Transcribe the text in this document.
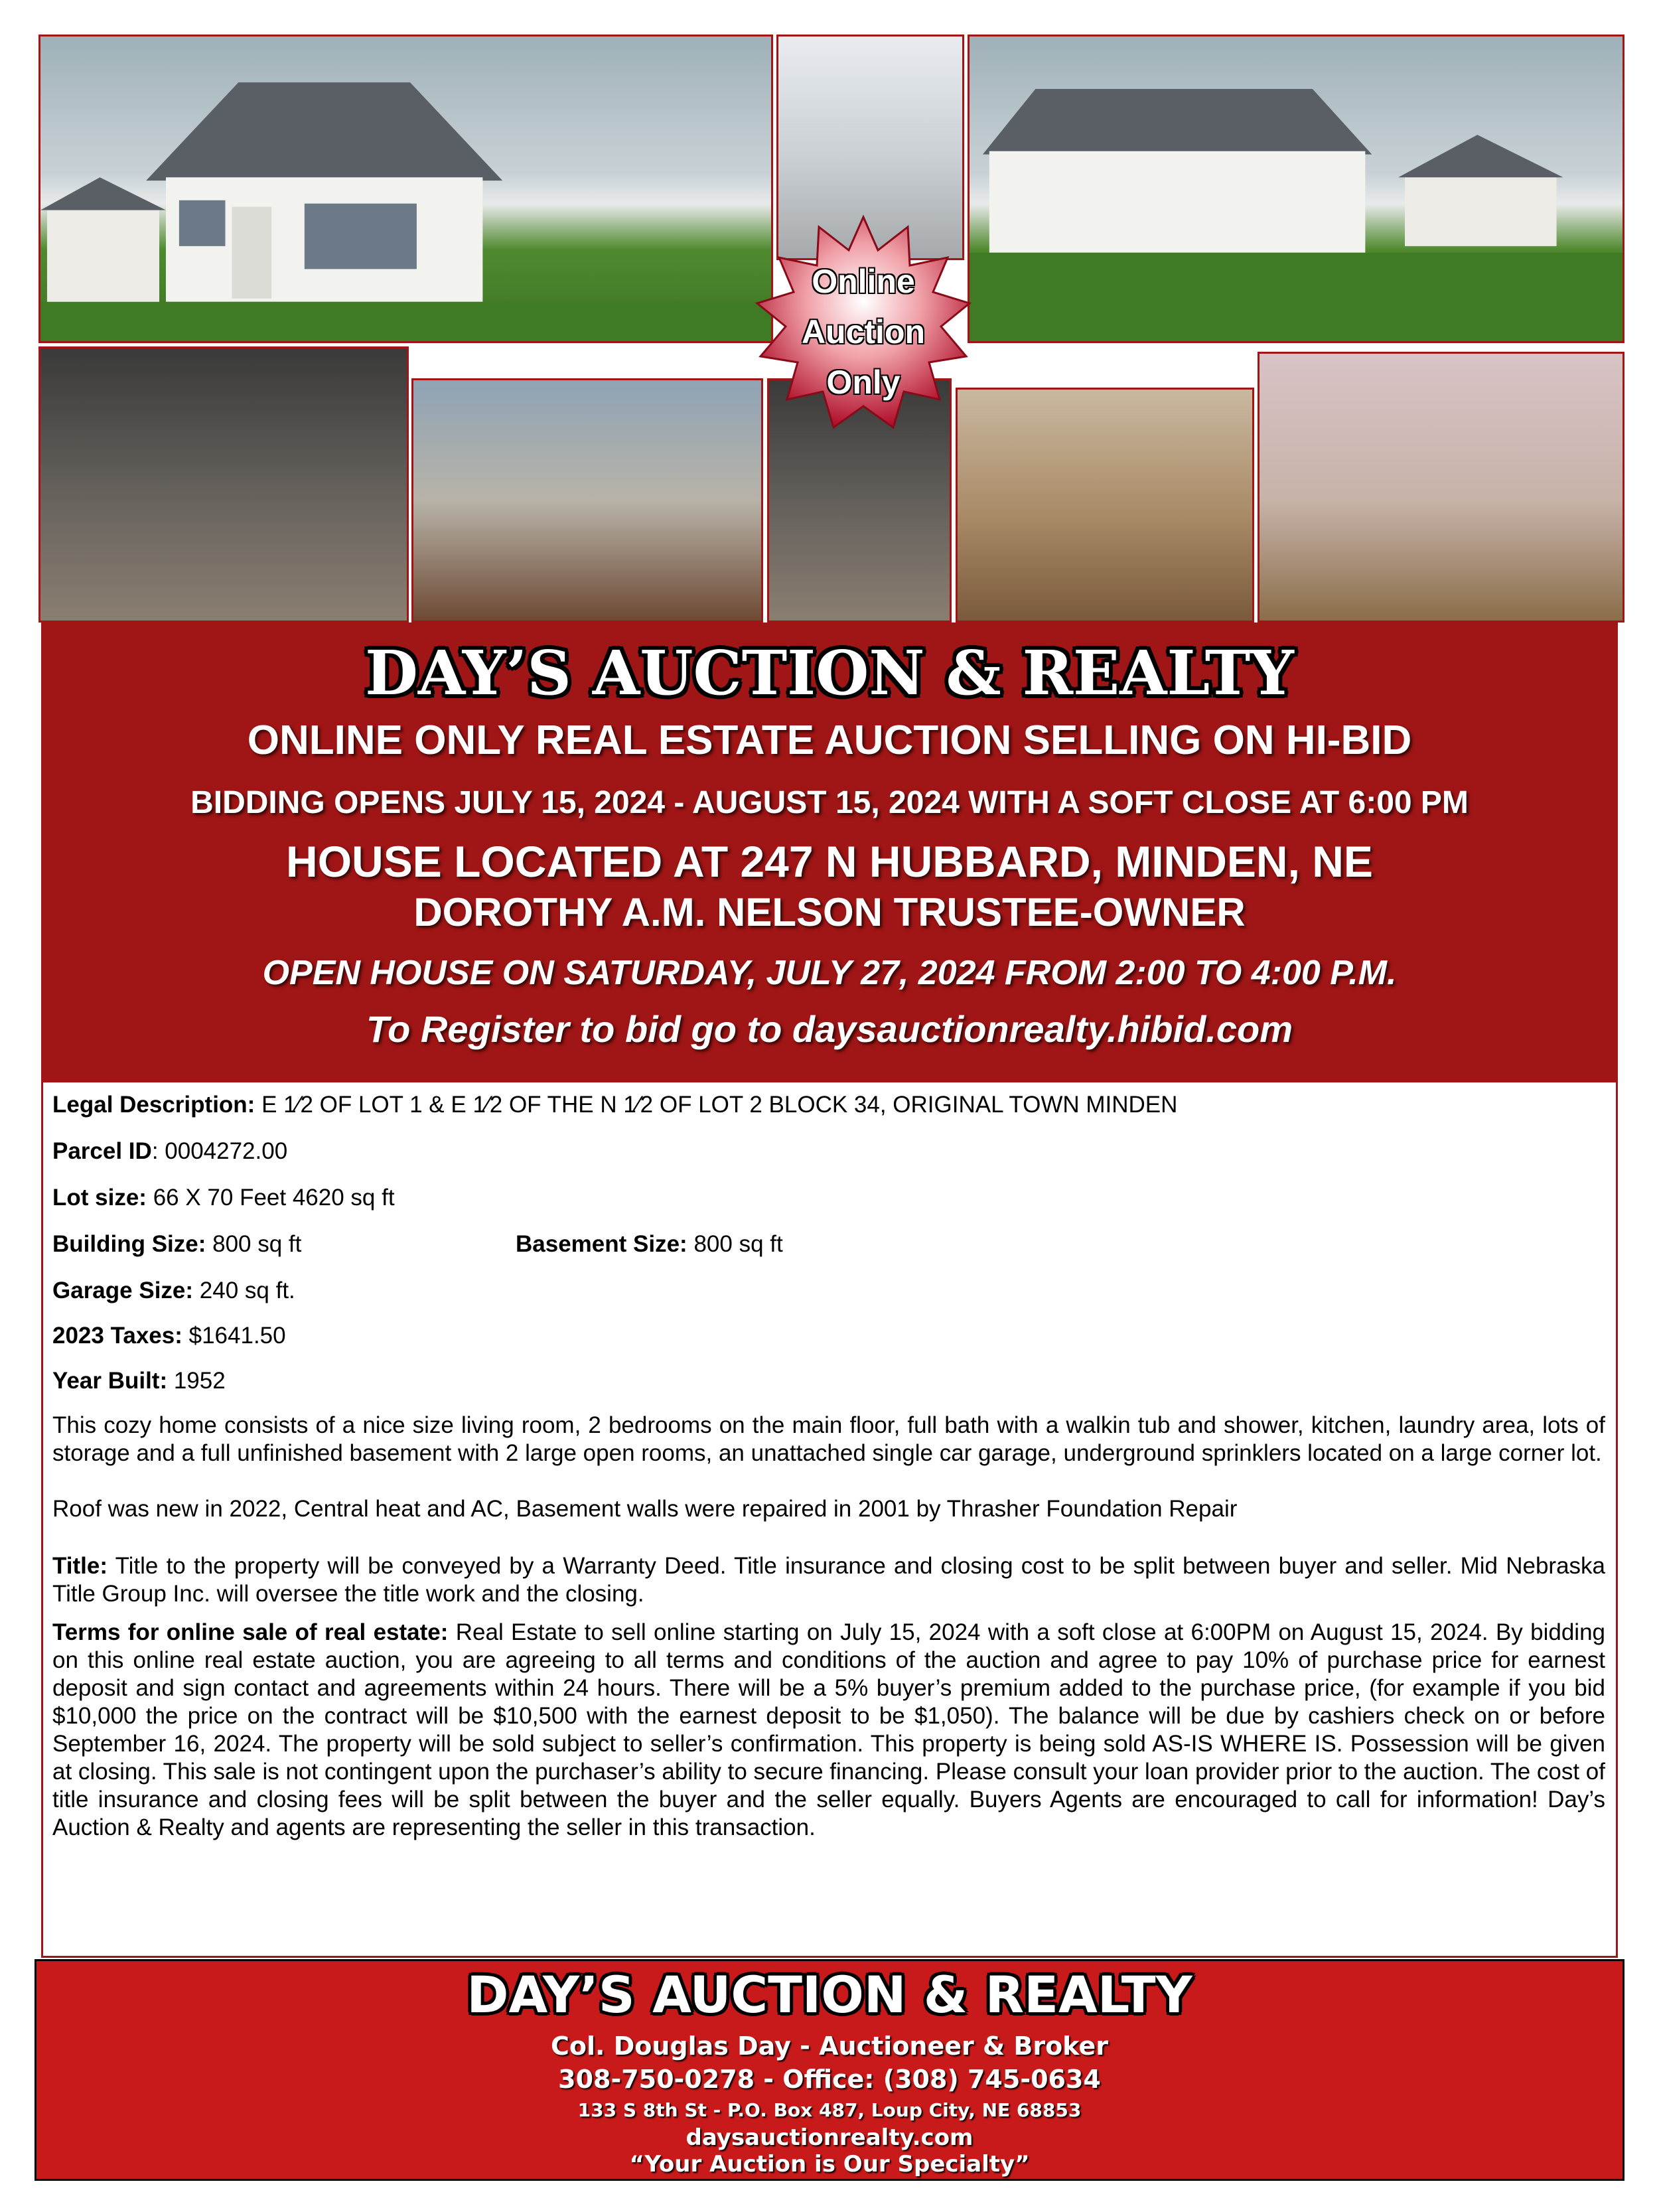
Online
Auction
Only
DAY’S AUCTION & REALTY
ONLINE ONLY REAL ESTATE AUCTION SELLING ON HI-BID
BIDDING OPENS JULY 15, 2024 - AUGUST 15, 2024 WITH A SOFT CLOSE AT 6:00 PM
HOUSE LOCATED AT 247 N HUBBARD, MINDEN, NE
DOROTHY A.M. NELSON TRUSTEE-OWNER
OPEN HOUSE ON SATURDAY, JULY 27, 2024 FROM 2:00 TO 4:00 P.M.
To Register to bid go to daysauctionrealty.hibid.com
Legal Description: E 1⁄2 OF LOT 1 & E 1⁄2 OF THE N 1⁄2 OF LOT 2 BLOCK 34, ORIGINAL TOWN MINDEN
Parcel ID: 0004272.00
Lot size: 66 X 70 Feet 4620 sq ft
Building Size: 800 sq ft	Basement Size: 800 sq ft
Garage Size: 240 sq ft.
2023 Taxes: $1641.50
Year Built: 1952

This cozy home consists of a nice size living room, 2 bedrooms on the main floor, full bath with a walkin tub and shower, kitchen, laundry area, lots of storage and a full unfinished basement with 2 large open rooms, an unattached single car garage, underground sprinklers located on a large corner lot.

Roof was new in 2022, Central heat and AC, Basement walls were repaired in 2001 by Thrasher Foundation Repair

Title: Title to the property will be conveyed by a Warranty Deed. Title insurance and closing cost to be split between buyer and seller. Mid Nebraska Title Group Inc. will oversee the title work and the closing.

Terms for online sale of real estate: Real Estate to sell online starting on July 15, 2024 with a soft close at 6:00PM on August 15, 2024. By bidding on this online real estate auction, you are agreeing to all terms and conditions of the auction and agree to pay 10% of purchase price for earnest deposit and sign contact and agreements within 24 hours. There will be a 5% buyer’s premium added to the purchase price, (for example if you bid $10,000 the price on the contract will be $10,500 with the earnest deposit to be $1,050). The balance will be due by cashiers check on or before September 16, 2024. The property will be sold subject to seller’s confirmation. This property is being sold AS-IS WHERE IS. Possession will be given at closing. This sale is not contingent upon the purchaser’s ability to secure financing. Please consult your loan provider prior to the auction. The cost of title insurance and closing fees will be split between the buyer and the seller equally. Buyers Agents are encouraged to call for information! Day’s Auction & Realty and agents are representing the seller in this transaction.

DAY’S AUCTION & REALTY
Col. Douglas Day - Auctioneer & Broker
308-750-0278 - Office: (308) 745-0634
133 S 8th St - P.O. Box 487, Loup City, NE 68853
daysauctionrealty.com
“Your Auction is Our Specialty”
